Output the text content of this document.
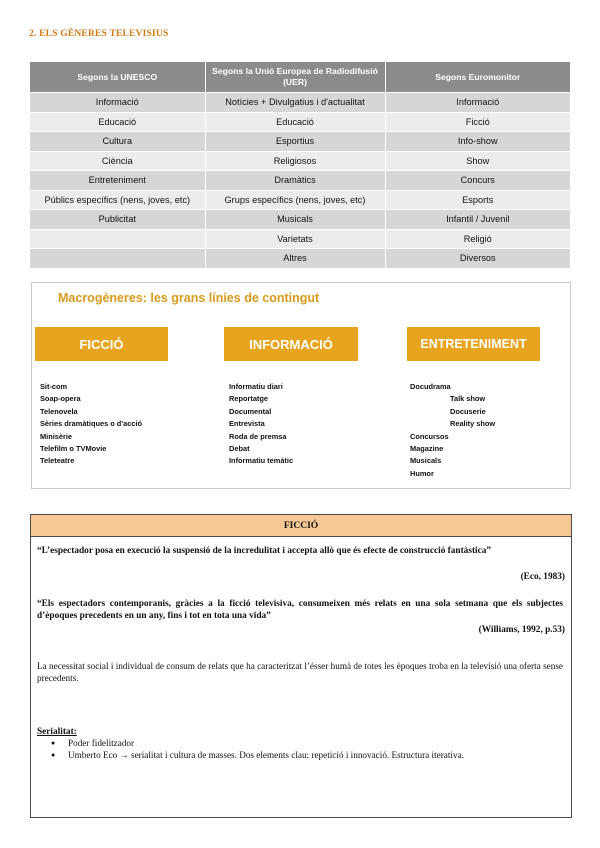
2. ELS GÈNERES TELEVISIUS
Segons la UNESCO	Segons la Unió Europea de Radiodifusió (UER)	Segons Euromonitor
Informació	Notícies + Divulgatius i d'actualitat	Informació
Educació	Educació	Ficció
Cultura	Esportius	Info-show
Ciència	Religiosos	Show
Entreteniment	Dramàtics	Concurs
Públics específics (nens, joves, etc)	Grups específics (nens, joves, etc)	Esports
Publicitat	Musicals	Infantil / Juvenil
	Varietats	Religió
	Altres	Diversos
Macrogèneres: les grans línies de contingut
FICCIÓ	INFORMACIÓ	ENTRETENIMENT
Sit-com
Soap-opera
Telenovela
Sèries dramàtiques o d'acció
Minisèrie
Telefilm o TVMovie
Teleteatre
Informatiu diari
Reportatge
Documental
Entrevista
Roda de premsa
Debat
Informatiu temàtic
Docudrama
Talk show
Docuserie
Reality show
Concursos
Magazine
Musicals
Humor
FICCIÓ
“L’espectador posa en execució la suspensió de la incredulitat i accepta allò que és efecte de construcció fantàstica”
(Eco, 1983)
“Els espectadors contemporanis, gràcies a la ficció televisiva, consumeixen més relats en una sola setmana que els subjectes d’èpoques precedents en un any, fins i tot en tota una vida”
(Williams, 1992, p.53)
La necessitat social i individual de consum de relats que ha caracteritzat l’ésser humà de totes les èpoques troba en la televisió una oferta sense precedents.
Serialitat:
● Poder fidelitzador
● Umberto Eco → serialitat i cultura de masses. Dos elements clau: repetició i innovació. Estructura iterativa.
